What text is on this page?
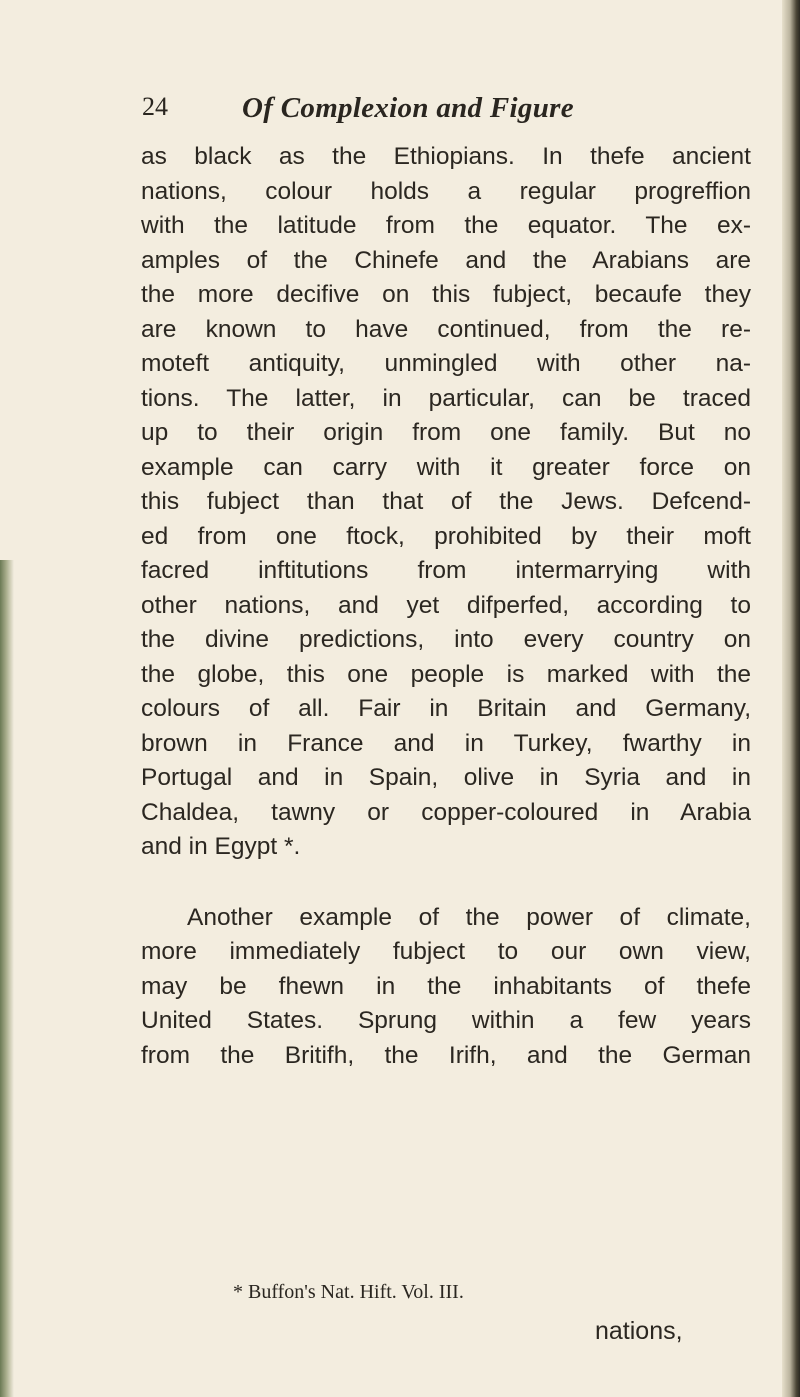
24	Of Complexion and Figure
as black as the Ethiopians. In thefe ancient
nations, colour holds a regular progreffion
with the latitude from the equator. The ex-
amples of the Chinefe and the Arabians are
the more decifive on this fubject, becaufe they
are known to have continued, from the re-
moteft antiquity, unmingled with other na-
tions. The latter, in particular, can be traced
up to their origin from one family. But no
example can carry with it greater force on
this fubject than that of the Jews. Defcend-
ed from one ftock, prohibited by their moft
facred inftitutions from intermarrying with
other nations, and yet difperfed, according to
the divine predictions, into every country on
the globe, this one people is marked with the
colours of all. Fair in Britain and Germany,
brown in France and in Turkey, fwarthy in
Portugal and in Spain, olive in Syria and in
Chaldea, tawny or copper-coloured in Arabia
and in Egypt *.
Another example of the power of climate,
more immediately fubject to our own view,
may be fhewn in the inhabitants of thefe
United States. Sprung within a few years
from the Britifh, the Irifh, and the German
* Buffon's Nat. Hift. Vol. III.
nations,
